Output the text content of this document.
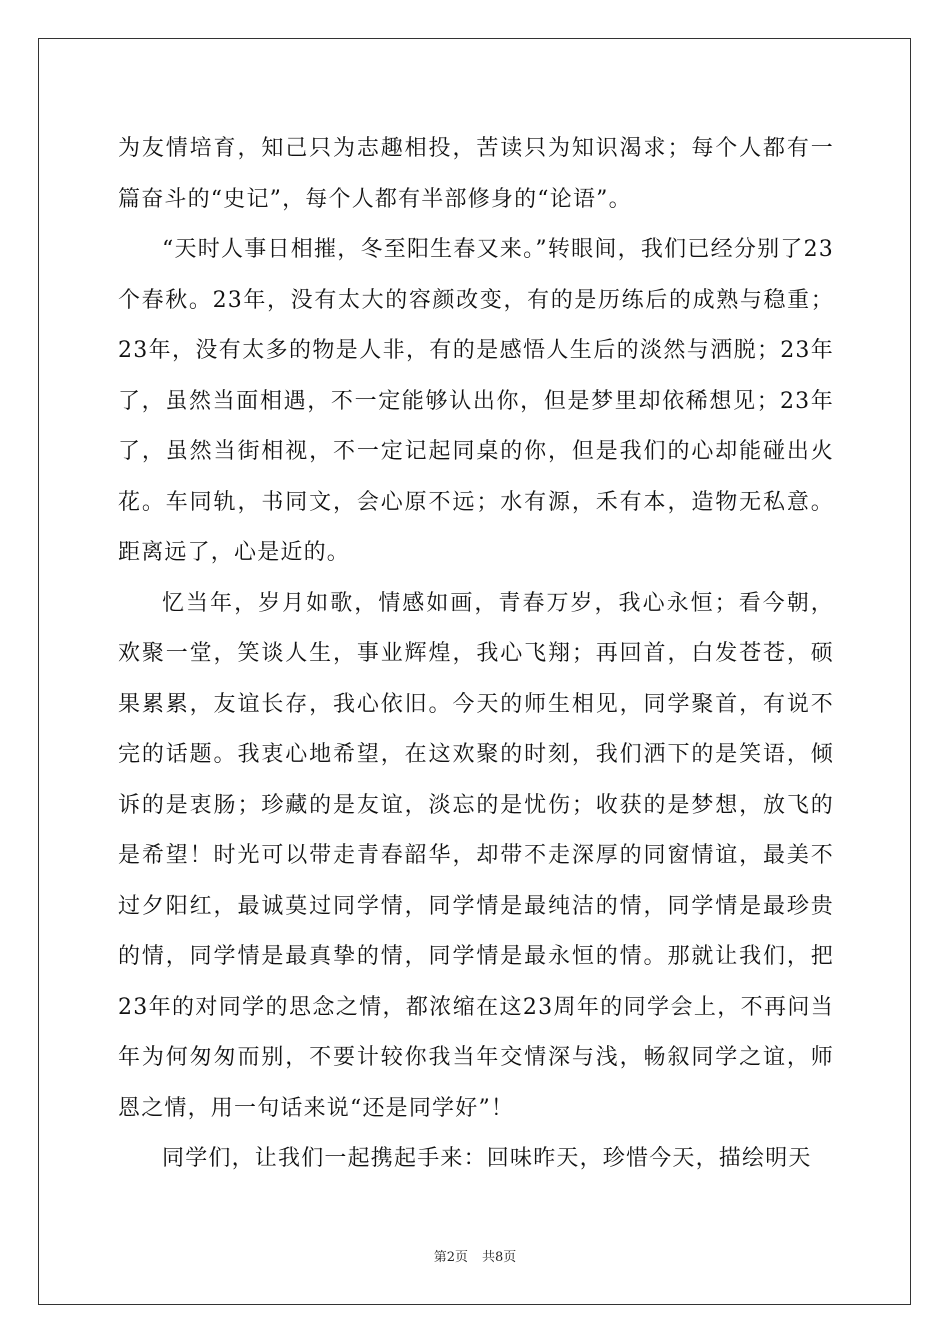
为友情培育，知己只为志趣相投，苦读只为知识渴求；每个人都有一篇奋斗的“史记”，每个人都有半部修身的“论语”。

“天时人事日相摧，冬至阳生春又来。”转眼间，我们已经分别了23个春秋。23年，没有太大的容颜改变，有的是历练后的成熟与稳重；23年，没有太多的物是人非，有的是感悟人生后的淡然与洒脱；23年了，虽然当面相遇，不一定能够认出你，但是梦里却依稀想见；23年了，虽然当街相视，不一定记起同桌的你，但是我们的心却能碰出火花。车同轨，书同文，会心原不远；水有源，禾有本，造物无私意。距离远了，心是近的。

忆当年，岁月如歌，情感如画，青春万岁，我心永恒；看今朝，欢聚一堂，笑谈人生，事业辉煌，我心飞翔；再回首，白发苍苍，硕果累累，友谊长存，我心依旧。今天的师生相见，同学聚首，有说不完的话题。我衷心地希望，在这欢聚的时刻，我们洒下的是笑语，倾诉的是衷肠；珍藏的是友谊，淡忘的是忧伤；收获的是梦想，放飞的是希望！时光可以带走青春韶华，却带不走深厚的同窗情谊，最美不过夕阳红，最诚莫过同学情，同学情是最纯洁的情，同学情是最珍贵的情，同学情是最真挚的情，同学情是最永恒的情。那就让我们，把23年的对同学的思念之情，都浓缩在这23周年的同学会上，不再问当年为何匆匆而别，不要计较你我当年交情深与浅，畅叙同学之谊，师恩之情，用一句话来说“还是同学好”！

同学们，让我们一起携起手来：回味昨天，珍惜今天，描绘明天

第2页 共8页
